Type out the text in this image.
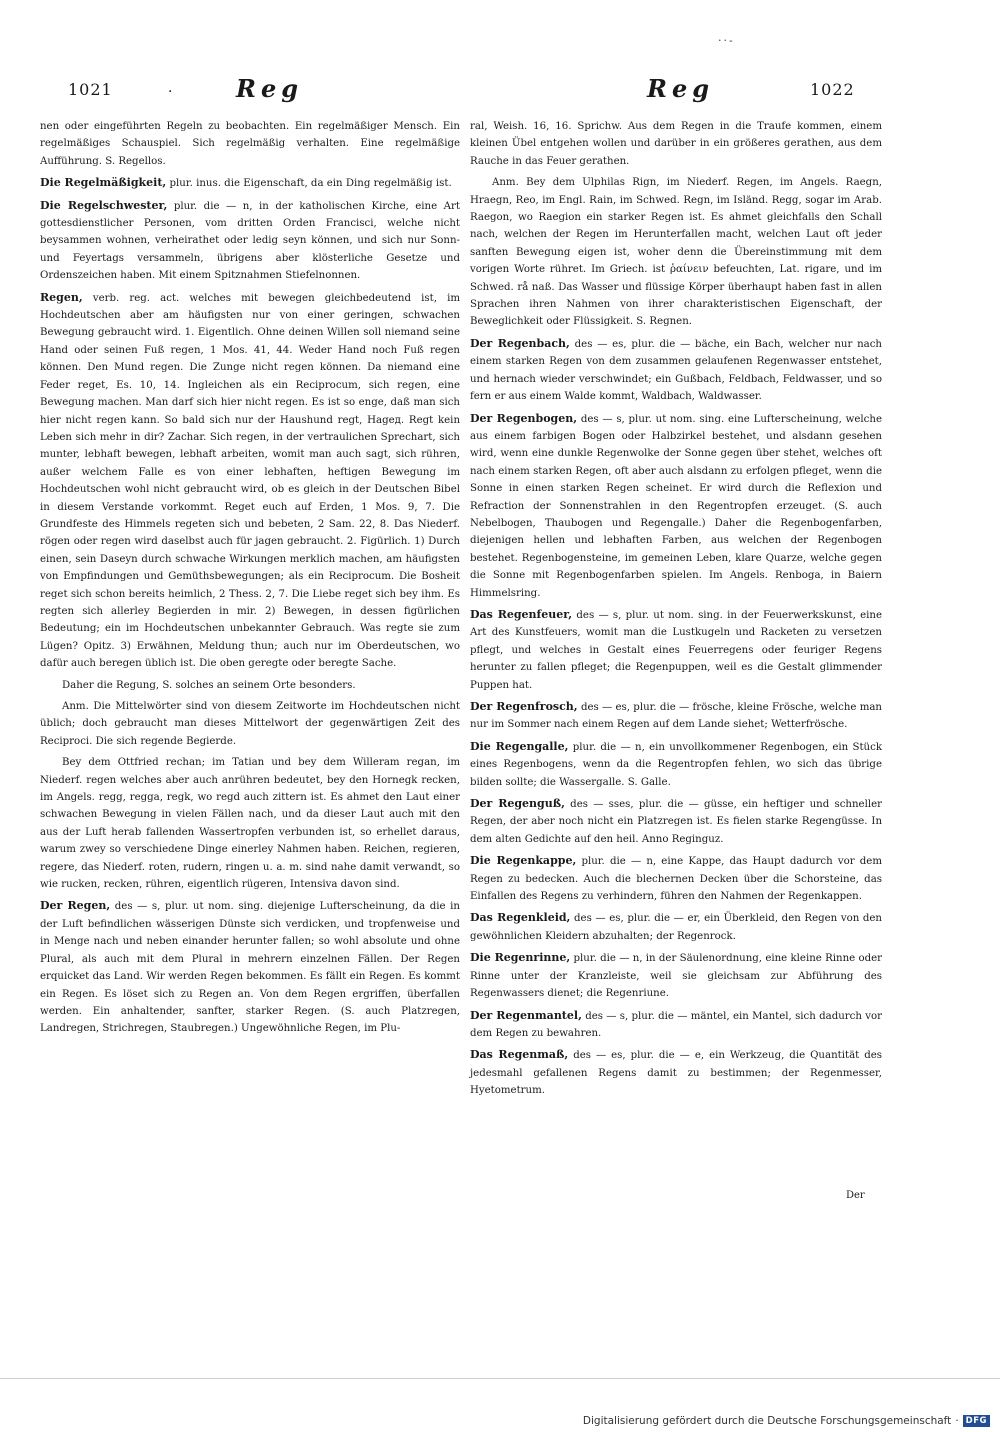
··-
1021	·	Reg	Reg	1022

nen oder eingeführten Regeln zu beobachten. Ein regelmäßiger Mensch. Ein regelmäßiges Schauspiel. Sich regelmäßig verhalten. Eine regelmäßige Aufführung. S. Regellos.

Die Regelmäßigkeit, plur. inus. die Eigenschaft, da ein Ding regelmäßig ist.

Die Regelschwester, plur. die — n, in der katholischen Kirche, eine Art gottesdienstlicher Personen, vom dritten Orden Francisci, welche nicht beysammen wohnen, verheirathet oder ledig seyn können, und sich nur Sonn- und Feyertags versammeln, übrigens aber klösterliche Gesetze und Ordenszeichen haben. Mit einem Spitznahmen Stiefelnonnen.

Regen, verb. reg. act. welches mit bewegen gleichbedeutend ist, im Hochdeutschen aber am häufigsten nur von einer geringen, schwachen Bewegung gebraucht wird. 1. Eigentlich. Ohne deinen Willen soll niemand seine Hand oder seinen Fuß regen, 1 Mos. 41, 44. Weder Hand noch Fuß regen können. Den Mund regen. Die Zunge nicht regen können. Da niemand eine Feder reget, Es. 10, 14. Ingleichen als ein Reciprocum, sich regen, eine Bewegung machen. Man darf sich hier nicht regen. Es ist so enge, daß man sich hier nicht regen kann. So bald sich nur der Haushund regt, Hagед. Regt kein Leben sich mehr in dir? Zachar. Sich regen, in der vertraulichen Sprechart, sich munter, lebhaft bewegen, lebhaft arbeiten, womit man auch sagt, sich rühren, außer welchem Falle es von einer lebhaften, heftigen Bewegung im Hochdeutschen wohl nicht gebraucht wird, ob es gleich in der Deutschen Bibel in diesem Verstande vorkommt. Reget euch auf Erden, 1 Mos. 9, 7. Die Grundfeste des Himmels regeten sich und bebeten, 2 Sam. 22, 8. Das Niederf. rögen oder regen wird daselbst auch für jagen gebraucht. 2. Figürlich. 1) Durch einen, sein Daseyn durch schwache Wirkungen merklich machen, am häufigsten von Empfindungen und Gemüthsbewegungen; als ein Reciprocum. Die Bosheit reget sich schon bereits heimlich, 2 Thess. 2, 7. Die Liebe reget sich bey ihm. Es regten sich allerley Begierden in mir. 2) Bewegen, in dessen figürlichen Bedeutung; ein im Hochdeutschen unbekannter Gebrauch. Was regte sie zum Lügen? Opitz. 3) Erwähnen, Meldung thun; auch nur im Oberdeutschen, wo dafür auch beregen üblich ist. Die oben geregte oder beregte Sache.

Daher die Regung, S. solches an seinem Orte besonders.

Anm. Die Mittelwörter sind von diesem Zeitworte im Hochdeutschen nicht üblich; doch gebraucht man dieses Mittelwort der gegenwärtigen Zeit des Reciproci. Die sich regende Begierde.

Bey dem Ottfried rechan; im Tatian und bey dem Willeram regan, im Niederf. regen welches aber auch anrühren bedeutet, bey den Hornegk recken, im Angels. regg, regga, regk, wo regd auch zittern ist. Es ahmet den Laut einer schwachen Bewegung in vielen Fällen nach, und da dieser Laut auch mit den aus der Luft herab fallenden Wassertropfen verbunden ist, so erhellet daraus, warum zwey so verschiedene Dinge einerley Nahmen haben. Reichen, regieren, regere, das Niederf. roten, rudern, ringen u. a. m. sind nahe damit verwandt, so wie rucken, recken, rühren, eigentlich rügeren, Intensiva davon sind.

Der Regen, des — s, plur. ut nom. sing. diejenige Lufterscheinung, da die in der Luft befindlichen wässerigen Dünste sich verdicken, und tropfenweise und in Menge nach und neben einander herunter fallen; so wohl absolute und ohne Plural, als auch mit dem Plural in mehrern einzelnen Fällen. Der Regen erquicket das Land. Wir werden Regen bekommen. Es fällt ein Regen. Es kommt ein Regen. Es löset sich zu Regen an. Von dem Regen ergriffen, überfallen werden. Ein anhaltender, sanfter, starker Regen. (S. auch Platzregen, Landregen, Strichregen, Staubregen.) Ungewöhnliche Regen, im Plu-

ral, Weish. 16, 16. Sprichw. Aus dem Regen in die Traufe kommen, einem kleinen Übel entgehen wollen und darüber in ein größeres gerathen, aus dem Rauche in das Feuer gerathen.

Anm. Bey dem Ulphilas Rign, im Niederf. Regen, im Angels. Raegn, Hraegn, Reo, im Engl. Rain, im Schwed. Regn, im Isländ. Regg, sogar im Arab. Raegon, wo Raegion ein starker Regen ist. Es ahmet gleichfalls den Schall nach, welchen der Regen im Herunterfallen macht, welchen Laut oft jeder sanften Bewegung eigen ist, woher denn die Übereinstimmung mit dem vorigen Worte rühret. Im Griech. ist ῥαίνειν befeuchten, Lat. rigare, und im Schwed. rå naß. Das Wasser und flüssige Körper überhaupt haben fast in allen Sprachen ihren Nahmen von ihrer charakteristischen Eigenschaft, der Beweglichkeit oder Flüssigkeit. S. Regnen.

Der Regenbach, des — es, plur. die — bäche, ein Bach, welcher nur nach einem starken Regen von dem zusammen gelaufenen Regenwasser entstehet, und hernach wieder verschwindet; ein Gußbach, Feldbach, Feldwasser, und so fern er aus einem Walde kommt, Waldbach, Waldwasser.

Der Regenbogen, des — s, plur. ut nom. sing. eine Lufterscheinung, welche aus einem farbigen Bogen oder Halbzirkel bestehet, und alsdann gesehen wird, wenn eine dunkle Regenwolke der Sonne gegen über stehet, welches oft nach einem starken Regen, oft aber auch alsdann zu erfolgen pfleget, wenn die Sonne in einen starken Regen scheinet. Er wird durch die Reflexion und Refraction der Sonnenstrahlen in den Regentropfen erzeuget. (S. auch Nebelbogen, Thaubogen und Regengalle.) Daher die Regenbogenfarben, diejenigen hellen und lebhaften Farben, aus welchen der Regenbogen bestehet. Regenbogensteine, im gemeinen Leben, klare Quarze, welche gegen die Sonne mit Regenbogenfarben spielen. Im Angels. Renboga, in Baiern Himmelsring.

Das Regenfeuer, des — s, plur. ut nom. sing. in der Feuerwerkskunst, eine Art des Kunstfeuers, womit man die Lustkugeln und Racketen zu versetzen pflegt, und welches in Gestalt eines Feuerregens oder feuriger Regens herunter zu fallen pfleget; die Regenpuppen, weil es die Gestalt glimmender Puppen hat.

Der Regenfrosch, des — es, plur. die — frösche, kleine Frösche, welche man nur im Sommer nach einem Regen auf dem Lande siehet; Wetterfrösche.

Die Regengalle, plur. die — n, ein unvollkommener Regenbogen, ein Stück eines Regenbogens, wenn da die Regentropfen fehlen, wo sich das übrige bilden sollte; die Wassergalle. S. Galle.

Der Regenguß, des — sses, plur. die — güsse, ein heftiger und schneller Regen, der aber noch nicht ein Platzregen ist. Es fielen starke Regengüsse. In dem alten Gedichte auf den heil. Anno Reginguz.

Die Regenkappe, plur. die — n, eine Kappe, das Haupt dadurch vor dem Regen zu bedecken. Auch die blechernen Decken über die Schorsteine, das Einfallen des Regens zu verhindern, führen den Nahmen der Regenkappen.

Das Regenkleid, des — es, plur. die — er, ein Überkleid, den Regen von den gewöhnlichen Kleidern abzuhalten; der Regenrock.

Die Regenrinne, plur. die — n, in der Säulenordnung, eine kleine Rinne oder Rinne unter der Kranzleiste, weil sie gleichsam zur Abführung des Regenwassers dienet; die Regenriune.

Der Regenmantel, des — s, plur. die — mäntel, ein Mantel, sich dadurch vor dem Regen zu bewahren.

Das Regenmaß, des — es, plur. die — e, ein Werkzeug, die Quantität des jedesmahl gefallenen Regens damit zu bestimmen; der Regenmesser, Hyetometrum.

Der
Digitalisierung gefördert durch die Deutsche Forschungsgemeinschaft · DFG
